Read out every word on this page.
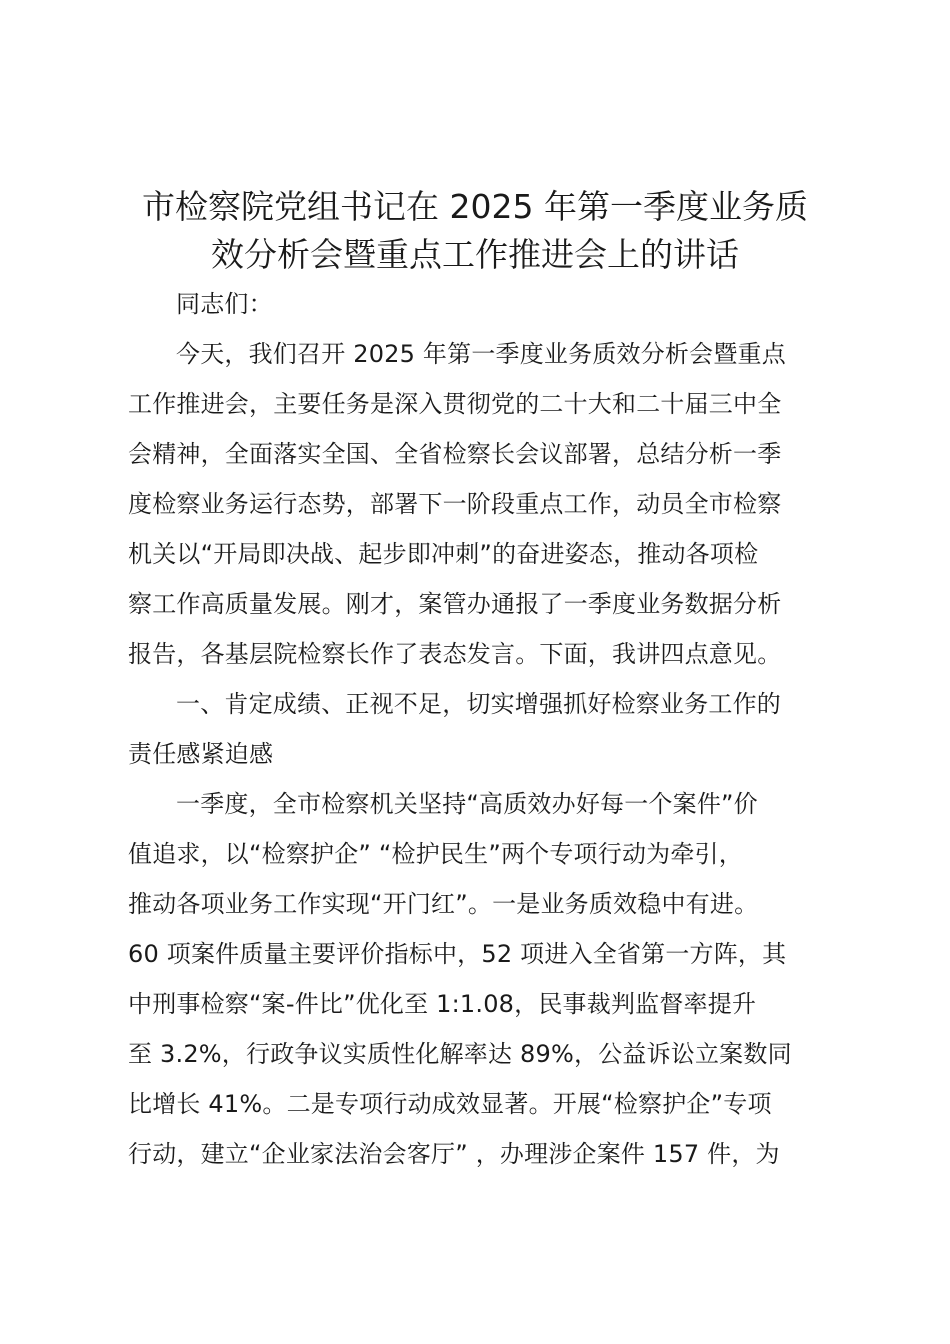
市检察院党组书记在 2025 年第一季度业务质
效分析会暨重点工作推进会上的讲话
同志们：
今天，我们召开 2025 年第一季度业务质效分析会暨重点
工作推进会，主要任务是深入贯彻党的二十大和二十届三中全
会精神，全面落实全国、全省检察长会议部署，总结分析一季
度检察业务运行态势，部署下一阶段重点工作，动员全市检察
机关以“开局即决战、起步即冲刺”的奋进姿态，推动各项检
察工作高质量发展。刚才，案管办通报了一季度业务数据分析
报告，各基层院检察长作了表态发言。下面，我讲四点意见。
一、肯定成绩、正视不足，切实增强抓好检察业务工作的
责任感紧迫感
一季度，全市检察机关坚持“高质效办好每一个案件”价
值追求，以“检察护企” “检护民生”两个专项行动为牵引，
推动各项业务工作实现“开门红”。一是业务质效稳中有进。
60 项案件质量主要评价指标中，52 项进入全省第一方阵，其
中刑事检察“案-件比”优化至 1:1.08，民事裁判监督率提升
至 3.2%，行政争议实质性化解率达 89%，公益诉讼立案数同
比增长 41%。二是专项行动成效显著。开展“检察护企”专项
行动，建立“企业家法治会客厅” ，办理涉企案件 157 件，为
